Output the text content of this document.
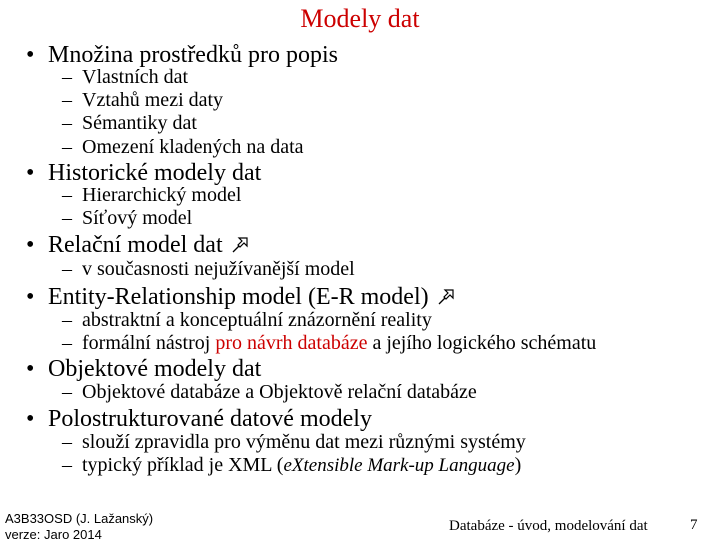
Modely dat
• Množina prostředků pro popis
– Vlastních dat
– Vztahů mezi daty
– Sémantiky dat
– Omezení kladených na data
• Historické modely dat
– Hierarchický model
– Síťový model
• Relační model dat
– v současnosti nejužívanější model
• Entity-Relationship model (E-R model)
– abstraktní a konceptuální znázornění reality
– formální nástroj pro návrh databáze a jejího logického schématu
• Objektové modely dat
– Objektové databáze a Objektově relační databáze
• Polostrukturované datové modely
– slouží zpravidla pro výměnu dat mezi různými systémy
– typický příklad je XML (eXtensible Mark-up Language)
A3B33OSD (J. Lažanský)
verze: Jaro 2014
Databáze - úvod, modelování dat	7
